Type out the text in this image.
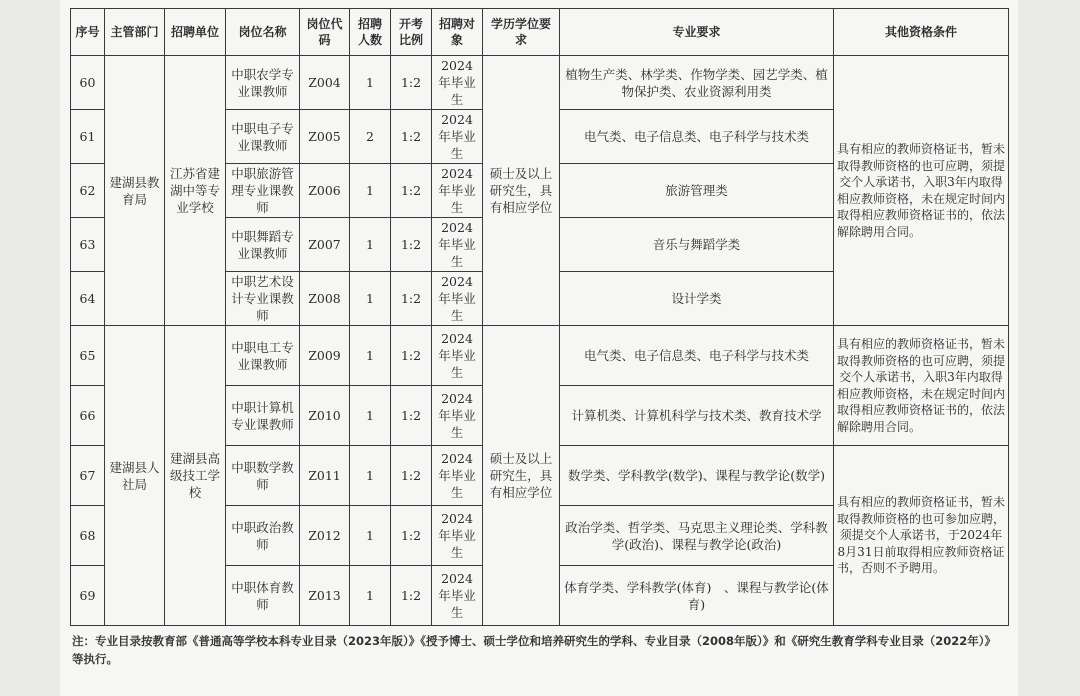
序号	主管部门	招聘单位	岗位名称	岗位代码	招聘人数	开考比例	招聘对象	学历学位要求	专业要求	其他资格条件
60	建湖县教育局	江苏省建湖中等专业学校	中职农学专业课教师	Z004	1	1:2	2024年毕业生	硕士及以上研究生，具有相应学位	植物生产类、林学类、作物学类、园艺学类、植物保护类、农业资源利用类	具有相应的教师资格证书，暂未取得教师资格的也可应聘，须提交个人承诺书，入职3年内取得相应教师资格，未在规定时间内取得相应教师资格证书的，依法解除聘用合同。
61			中职电子专业课教师	Z005	2	1:2	2024年毕业生		电气类、电子信息类、电子科学与技术类	
62			中职旅游管理专业课教师	Z006	1	1:2	2024年毕业生		旅游管理类	
63			中职舞蹈专业课教师	Z007	1	1:2	2024年毕业生		音乐与舞蹈学类	
64			中职艺术设计专业课教师	Z008	1	1:2	2024年毕业生		设计学类	
65	建湖县人社局	建湖县高级技工学校	中职电工专业课教师	Z009	1	1:2	2024年毕业生	硕士及以上研究生，具有相应学位	电气类、电子信息类、电子科学与技术类	具有相应的教师资格证书，暂未取得教师资格的也可应聘，须提交个人承诺书，入职3年内取得相应教师资格，未在规定时间内取得相应教师资格证书的，依法解除聘用合同。
66			中职计算机专业课教师	Z010	1	1:2	2024年毕业生		计算机类、计算机科学与技术类、教育技术学	
67			中职数学教师	Z011	1	1:2	2024年毕业生		数学类、学科教学(数学)、课程与教学论(数学)	具有相应的教师资格证书，暂未取得教师资格的也可参加应聘，须提交个人承诺书，于2024年8月31日前取得相应教师资格证书，否则不予聘用。
68			中职政治教师	Z012	1	1:2	2024年毕业生		政治学类、哲学类、马克思主义理论类、学科教学(政治)、课程与教学论(政治)	
69			中职体育教师	Z013	1	1:2	2024年毕业生		体育学类、学科教学(体育)　、课程与教学论(体育)	
注：专业目录按教育部《普通高等学校本科专业目录（2023年版）》《授予博士、硕士学位和培养研究生的学科、专业目录（2008年版）》和《研究生教育学科专业目录（2022年）》等执行。
